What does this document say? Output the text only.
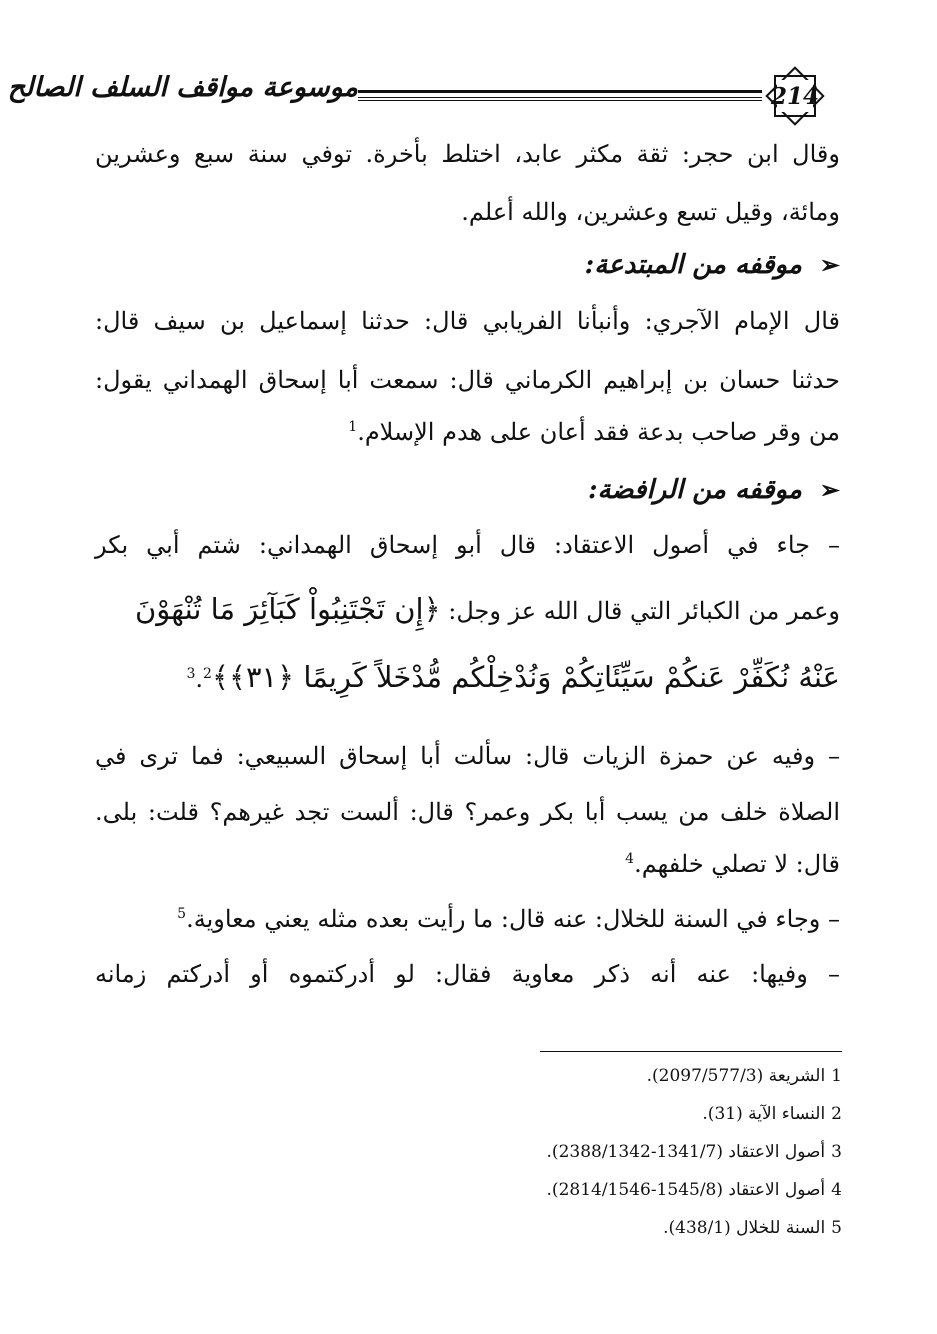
موسوعة مواقف السلف الصالح	214
وقال ابن حجر: ثقة مكثر عابد، اختلط بأخرة. توفي سنة سبع وعشرين
ومائة، وقيل تسع وعشرين، والله أعلم.
➢موقفه من المبتدعة:
قال الإمام الآجري: وأنبأنا الفريابي قال: حدثنا إسماعيل بن سيف قال:
حدثنا حسان بن إبراهيم الكرماني قال: سمعت أبا إسحاق الهمداني يقول:
من وقر صاحب بدعة فقد أعان على هدم الإسلام.$^1$
➢موقفه من الرافضة:
– جاء في أصول الاعتقاد: قال أبو إسحاق الهمداني: شتم أبي بكر
وعمر من الكبائر التي قال الله عز وجل: ﴿إِن تَجْتَنِبُواْ كَبَآئِرَ مَا تُنْهَوْنَ
عَنْهُ نُكَفِّرْ عَنكُمْ سَيِّئَاتِكُمْ وَنُدْخِلْكُم مُّدْخَلاً كَرِيمًا ﴿٣١﴾﴾$^2$.$^3$
– وفيه عن حمزة الزيات قال: سألت أبا إسحاق السبيعي: فما ترى في
الصلاة خلف من يسب أبا بكر وعمر؟ قال: ألست تجد غيرهم؟ قلت: بلى.
قال: لا تصلي خلفهم.$^4$
– وجاء في السنة للخلال: عنه قال: ما رأيت بعده مثله يعني معاوية.$^5$
– وفيها: عنه أنه ذكر معاوية فقال: لو أدركتموه أو أدركتم زمانه
1الشريعة (2097/577/3).
2النساء الآية (31).
3أصول الاعتقاد (2388/1342-1341/7).
4أصول الاعتقاد (2814/1546-1545/8).
5السنة للخلال (438/1).
